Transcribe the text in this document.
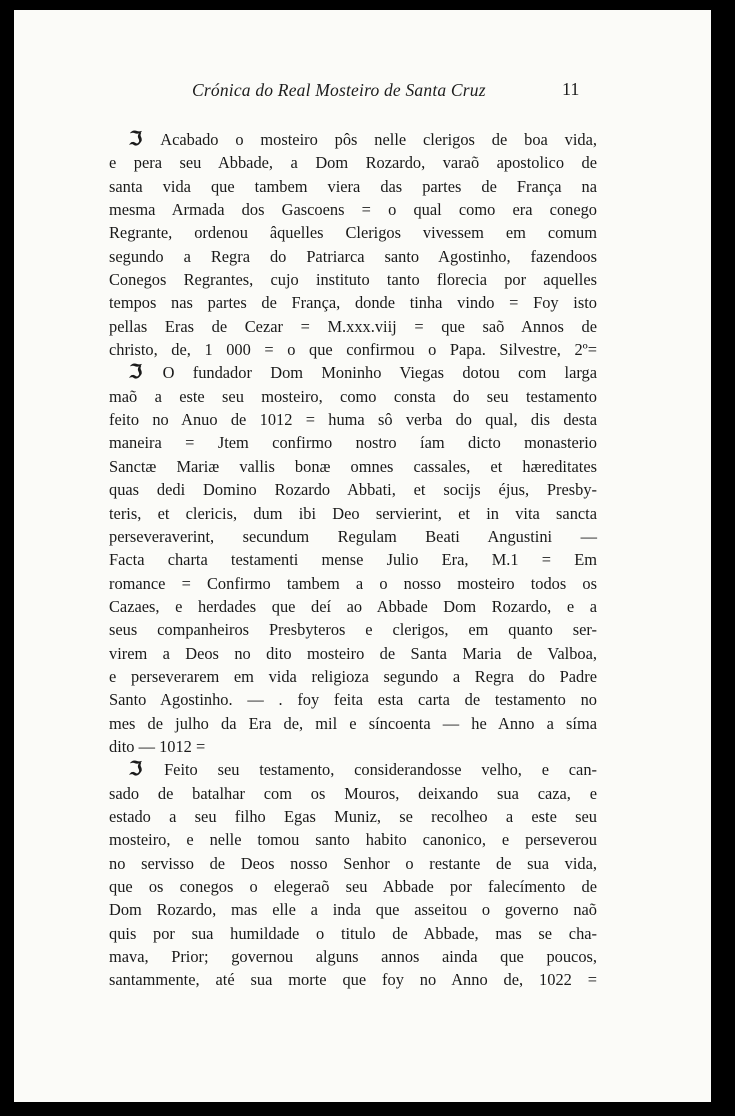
Crónica do Real Mosteiro de Santa Cruz	11
ℑ Acabado o mosteiro pôs nelle clerigos de boa vida,
e pera seu Abbade, a Dom Rozardo, varaõ apostolico de
santa vida que tambem viera das partes de França na
mesma Armada dos Gascoens = o qual como era conego
Regrante, ordenou âquelles Clerigos vivessem em comum
segundo a Regra do Patriarca santo Agostinho, fazendoos
Conegos Regrantes, cujo instituto tanto florecia por aquelles
tempos nas partes de França, donde tinha vindo = Foy isto
pellas Eras de Cezar = M.xxx.viij = que saõ Annos de
christo, de, 1 000 = o que confirmou o Papa. Silvestre, 2º=
ℑ O fundador Dom Moninho Viegas dotou com larga
maõ a este seu mosteiro, como consta do seu testamento
feito no Anuo de 1012 = huma sô verba do qual, dis desta
maneira = Jtem confirmo nostro íam dicto monasterio
Sanctæ Mariæ vallis bonæ omnes cassales, et hæreditates
quas dedi Domino Rozardo Abbati, et socijs éjus, Presby-
teris, et clericis, dum ibi Deo servierint, et in vita sancta
perseveraverint, secundum Regulam Beati Angustini —
Facta charta testamenti mense Julio Era, M.1 = Em
romance = Confirmo tambem a o nosso mosteiro todos os
Cazaes, e herdades que deí ao Abbade Dom Rozardo, e a
seus companheiros Presbyteros e clerigos, em quanto ser-
virem a Deos no dito mosteiro de Santa Maria de Valboa,
e perseverarem em vida religioza segundo a Regra do Padre
Santo Agostinho. — . foy feita esta carta de testamento no
mes de julho da Era de, mil e síncoenta — he Anno a síma
dito — 1012 =
ℑ Feito seu testamento, considerandosse velho, e can-
sado de batalhar com os Mouros, deixando sua caza, e
estado a seu filho Egas Muniz, se recolheo a este seu
mosteiro, e nelle tomou santo habito canonico, e perseverou
no servisso de Deos nosso Senhor o restante de sua vida,
que os conegos o elegeraõ seu Abbade por falecímento de
Dom Rozardo, mas elle a inda que asseitou o governo naõ
quis por sua humildade o titulo de Abbade, mas se cha-
mava, Prior; governou alguns annos ainda que poucos,
santammente, até sua morte que foy no Anno de, 1022 =
